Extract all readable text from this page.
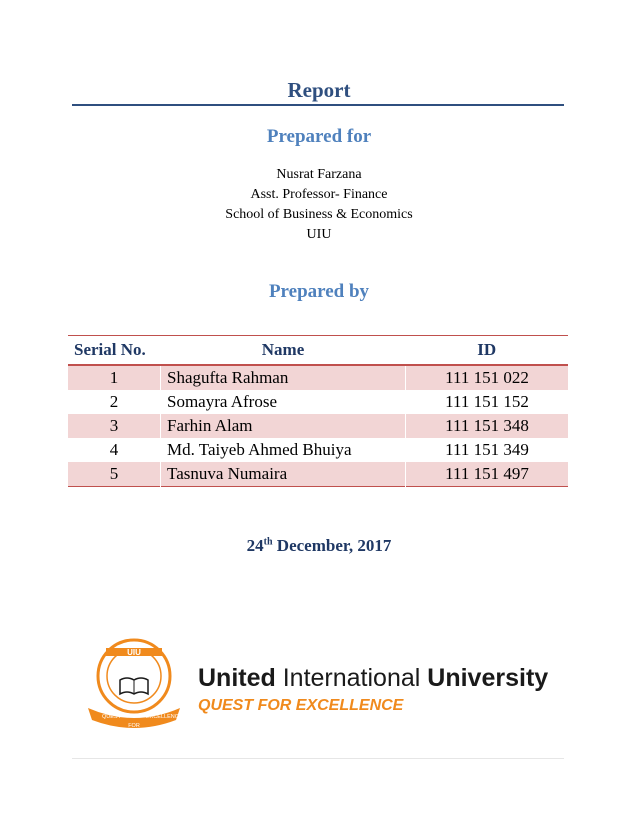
Report
Prepared for
Nusrat Farzana
Asst. Professor- Finance
School of Business & Economics
UIU
Prepared by
Serial No.	Name	ID
1	Shagufta Rahman	111 151 022
2	Somayra Afrose	111 151 152
3	Farhin Alam	111 151 348
4	Md. Taiyeb Ahmed Bhuiya	111 151 349
5	Tasnuva Numaira	111 151 497
24th December, 2017
UIU
QUEST
FOR
EXCELLENCE
United International University
QUEST FOR EXCELLENCE
